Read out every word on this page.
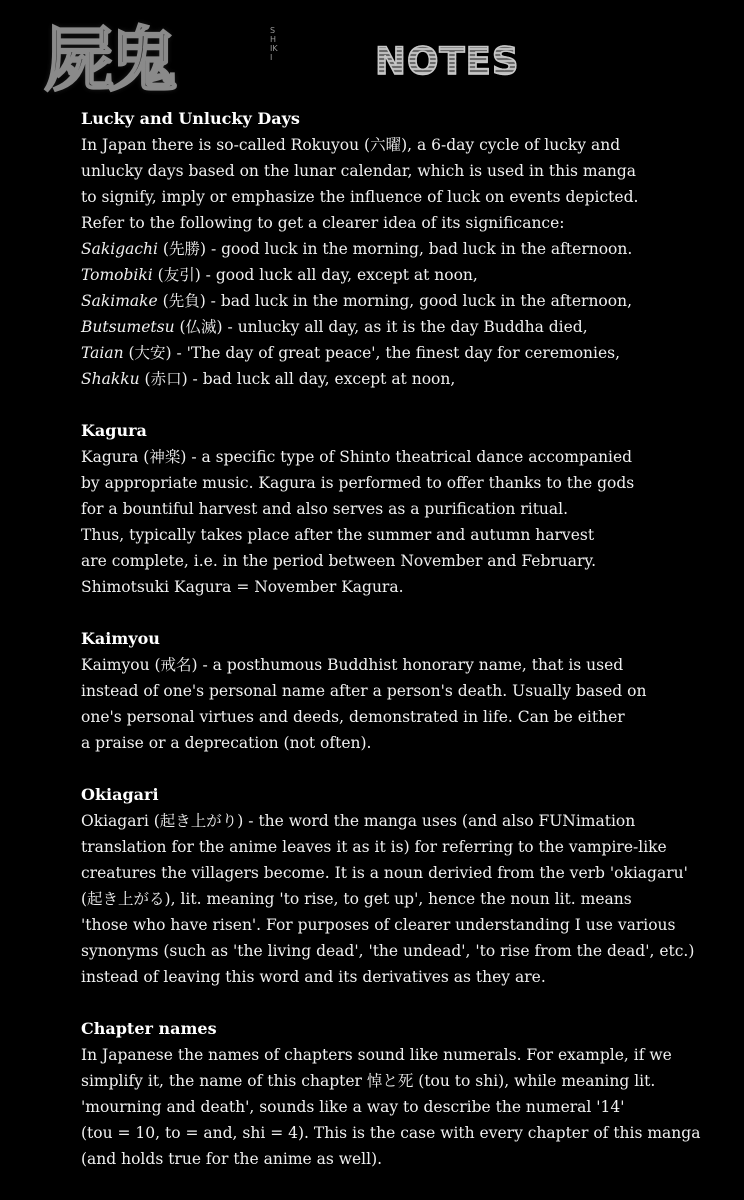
屍鬼	SHIKI	NOTES
Lucky and Unlucky Days
In Japan there is so-called Rokuyou (六曜), a 6-day cycle of lucky and
unlucky days based on the lunar calendar, which is used in this manga
to signify, imply or emphasize the influence of luck on events depicted.
Refer to the following to get a clearer idea of its significance:
Sakigachi (先勝) - good luck in the morning, bad luck in the afternoon.
Tomobiki (友引) - good luck all day, except at noon,
Sakimake (先負) - bad luck in the morning, good luck in the afternoon,
Butsumetsu (仏滅) - unlucky all day, as it is the day Buddha died,
Taian (大安) - 'The day of great peace', the finest day for ceremonies,
Shakku (赤口) - bad luck all day, except at noon,
Kagura
Kagura (神楽) - a specific type of Shinto theatrical dance accompanied
by appropriate music. Kagura is performed to offer thanks to the gods
for a bountiful harvest and also serves as a purification ritual.
Thus, typically takes place after the summer and autumn harvest
are complete, i.e. in the period between November and February.
Shimotsuki Kagura = November Kagura.
Kaimyou
Kaimyou (戒名) - a posthumous Buddhist honorary name, that is used
instead of one's personal name after a person's death. Usually based on
one's personal virtues and deeds, demonstrated in life. Can be either
a praise or a deprecation (not often).
Okiagari
Okiagari (起き上がり) - the word the manga uses (and also FUNimation
translation for the anime leaves it as it is) for referring to the vampire-like
creatures the villagers become. It is a noun derivied from the verb 'okiagaru'
(起き上がる), lit. meaning 'to rise, to get up', hence the noun lit. means
'those who have risen'. For purposes of clearer understanding I use various
synonyms (such as 'the living dead', 'the undead', 'to rise from the dead', etc.)
instead of leaving this word and its derivatives as they are.
Chapter names
In Japanese the names of chapters sound like numerals. For example, if we
simplify it, the name of this chapter 悼と死 (tou to shi), while meaning lit.
'mourning and death', sounds like a way to describe the numeral '14'
(tou = 10, to = and, shi = 4). This is the case with every chapter of this manga
(and holds true for the anime as well).
